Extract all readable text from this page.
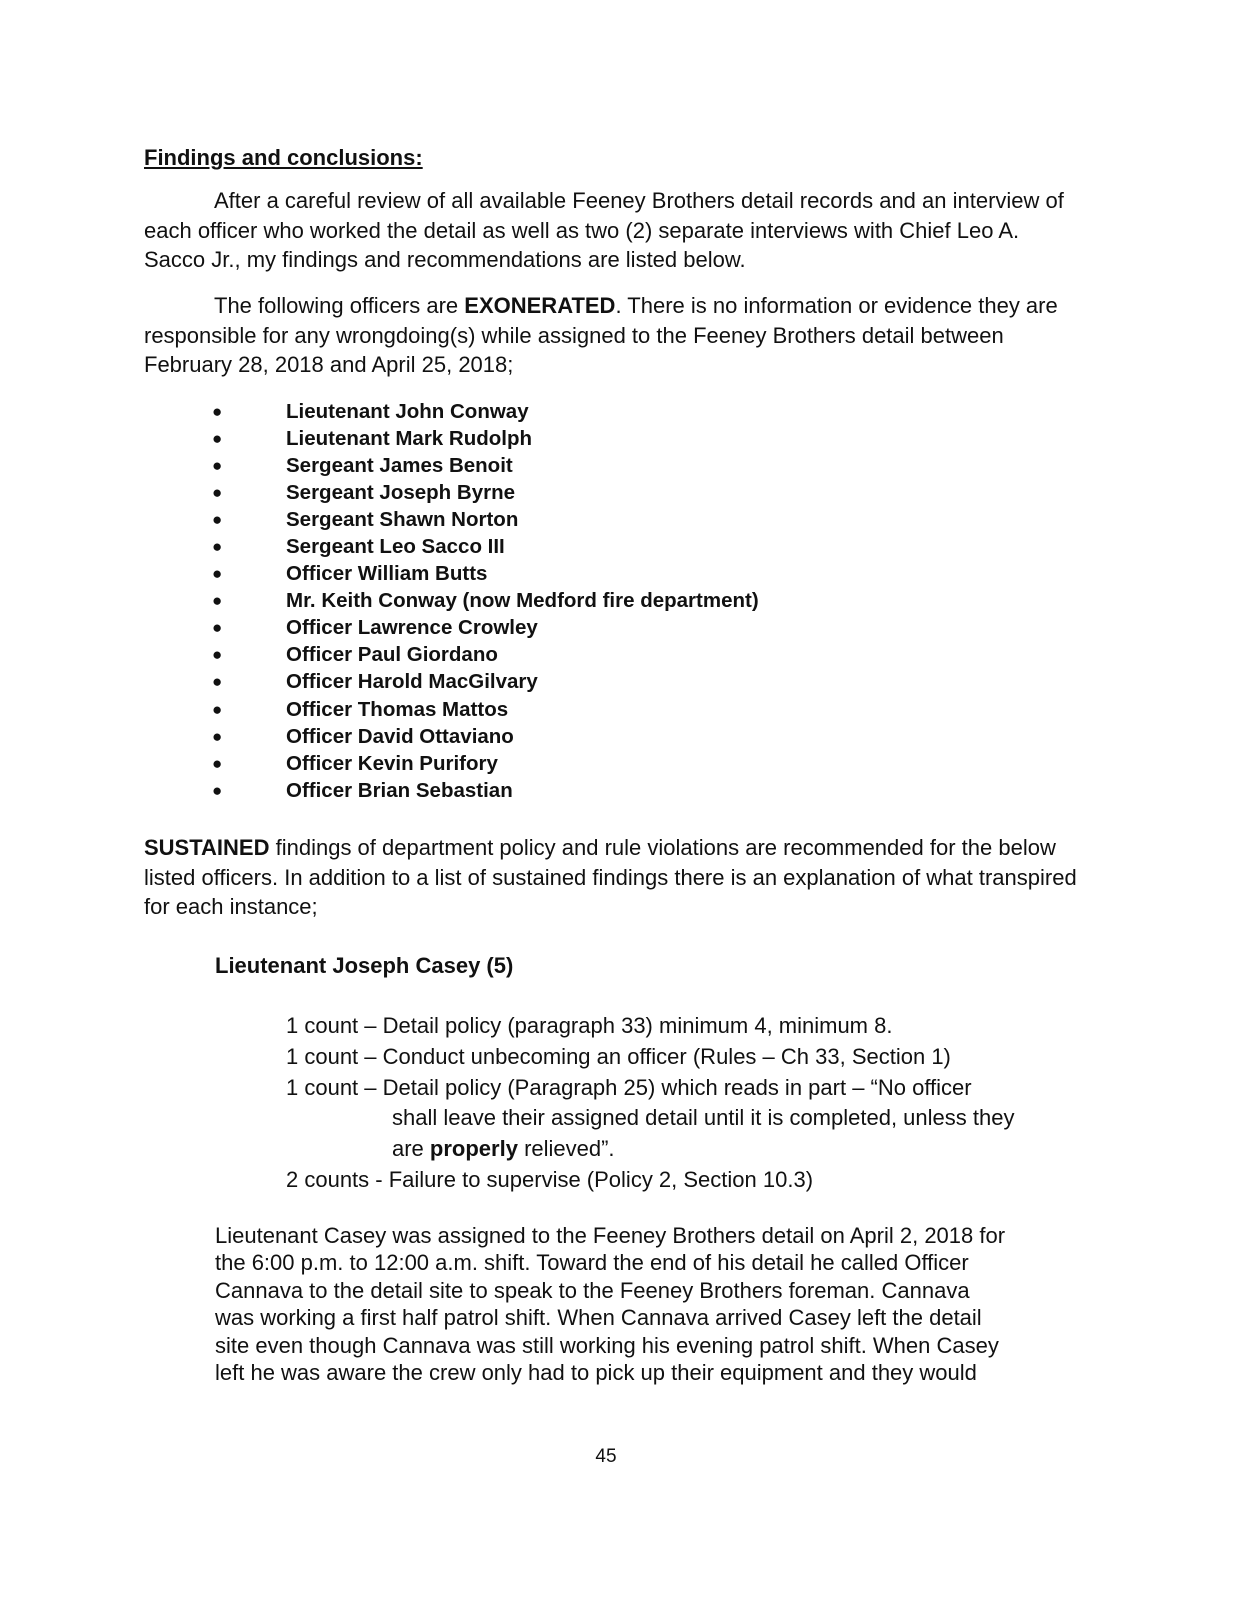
Findings and conclusions:

After a careful review of all available Feeney Brothers detail records and an interview of each officer who worked the detail as well as two (2) separate interviews with Chief Leo A. Sacco Jr., my findings and recommendations are listed below.

The following officers are EXONERATED. There is no information or evidence they are responsible for any wrongdoing(s) while assigned to the Feeney Brothers detail between February 28, 2018 and April 25, 2018;

●	Lieutenant John Conway
●	Lieutenant Mark Rudolph
●	Sergeant James Benoit
●	Sergeant Joseph Byrne
●	Sergeant Shawn Norton
●	Sergeant Leo Sacco III
●	Officer William Butts
●	Mr. Keith Conway (now Medford fire department)
●	Officer Lawrence Crowley
●	Officer Paul Giordano
●	Officer Harold MacGilvary
●	Officer Thomas Mattos
●	Officer David Ottaviano
●	Officer Kevin Purifory
●	Officer Brian Sebastian

SUSTAINED findings of department policy and rule violations are recommended for the below listed officers. In addition to a list of sustained findings there is an explanation of what transpired for each instance;

Lieutenant Joseph Casey (5)
1 count – Detail policy (paragraph 33) minimum 4, minimum 8.
1 count – Conduct unbecoming an officer (Rules – Ch 33, Section 1)
1 count – Detail policy (Paragraph 25) which reads in part – “No officer
shall leave their assigned detail until it is completed, unless they
are properly relieved”.
2 counts - Failure to supervise (Policy 2, Section 10.3)
Lieutenant Casey was assigned to the Feeney Brothers detail on April 2, 2018 for
the 6:00 p.m. to 12:00 a.m. shift. Toward the end of his detail he called Officer
Cannava to the detail site to speak to the Feeney Brothers foreman. Cannava
was working a first half patrol shift. When Cannava arrived Casey left the detail
site even though Cannava was still working his evening patrol shift. When Casey
left he was aware the crew only had to pick up their equipment and they would
45
